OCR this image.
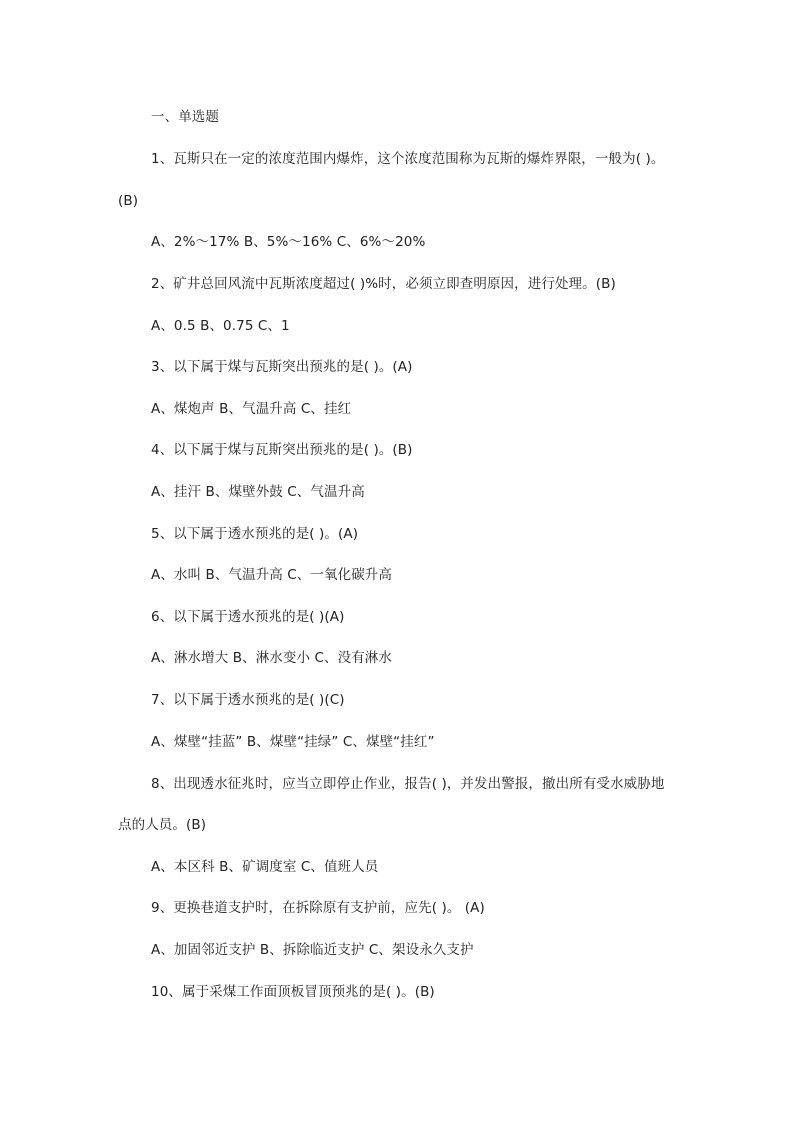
一、单选题
1、瓦斯只在一定的浓度范围内爆炸，这个浓度范围称为瓦斯的爆炸界限，一般为( )。
(B)
A、2%～17% B、5%～16% C、6%～20%
2、矿井总回风流中瓦斯浓度超过( )%时，必须立即查明原因，进行处理。(B)
A、0.5 B、0.75 C、1
3、以下属于煤与瓦斯突出预兆的是( )。(A)
A、煤炮声 B、气温升高 C、挂红
4、以下属于煤与瓦斯突出预兆的是( )。(B)
A、挂汗 B、煤壁外鼓 C、气温升高
5、以下属于透水预兆的是( )。(A)
A、水叫 B、气温升高 C、一氧化碳升高
6、以下属于透水预兆的是( )(A)
A、淋水增大 B、淋水变小 C、没有淋水
7、以下属于透水预兆的是( )(C)
A、煤壁“挂蓝” B、煤壁“挂绿” C、煤壁“挂红”
8、出现透水征兆时，应当立即停止作业，报告( )，并发出警报，撤出所有受水威胁地
点的人员。(B)
A、本区科 B、矿调度室 C、值班人员
9、更换巷道支护时，在拆除原有支护前，应先( )。 (A)
A、加固邻近支护 B、拆除临近支护 C、架设永久支护
10、属于采煤工作面顶板冒顶预兆的是( )。(B)
